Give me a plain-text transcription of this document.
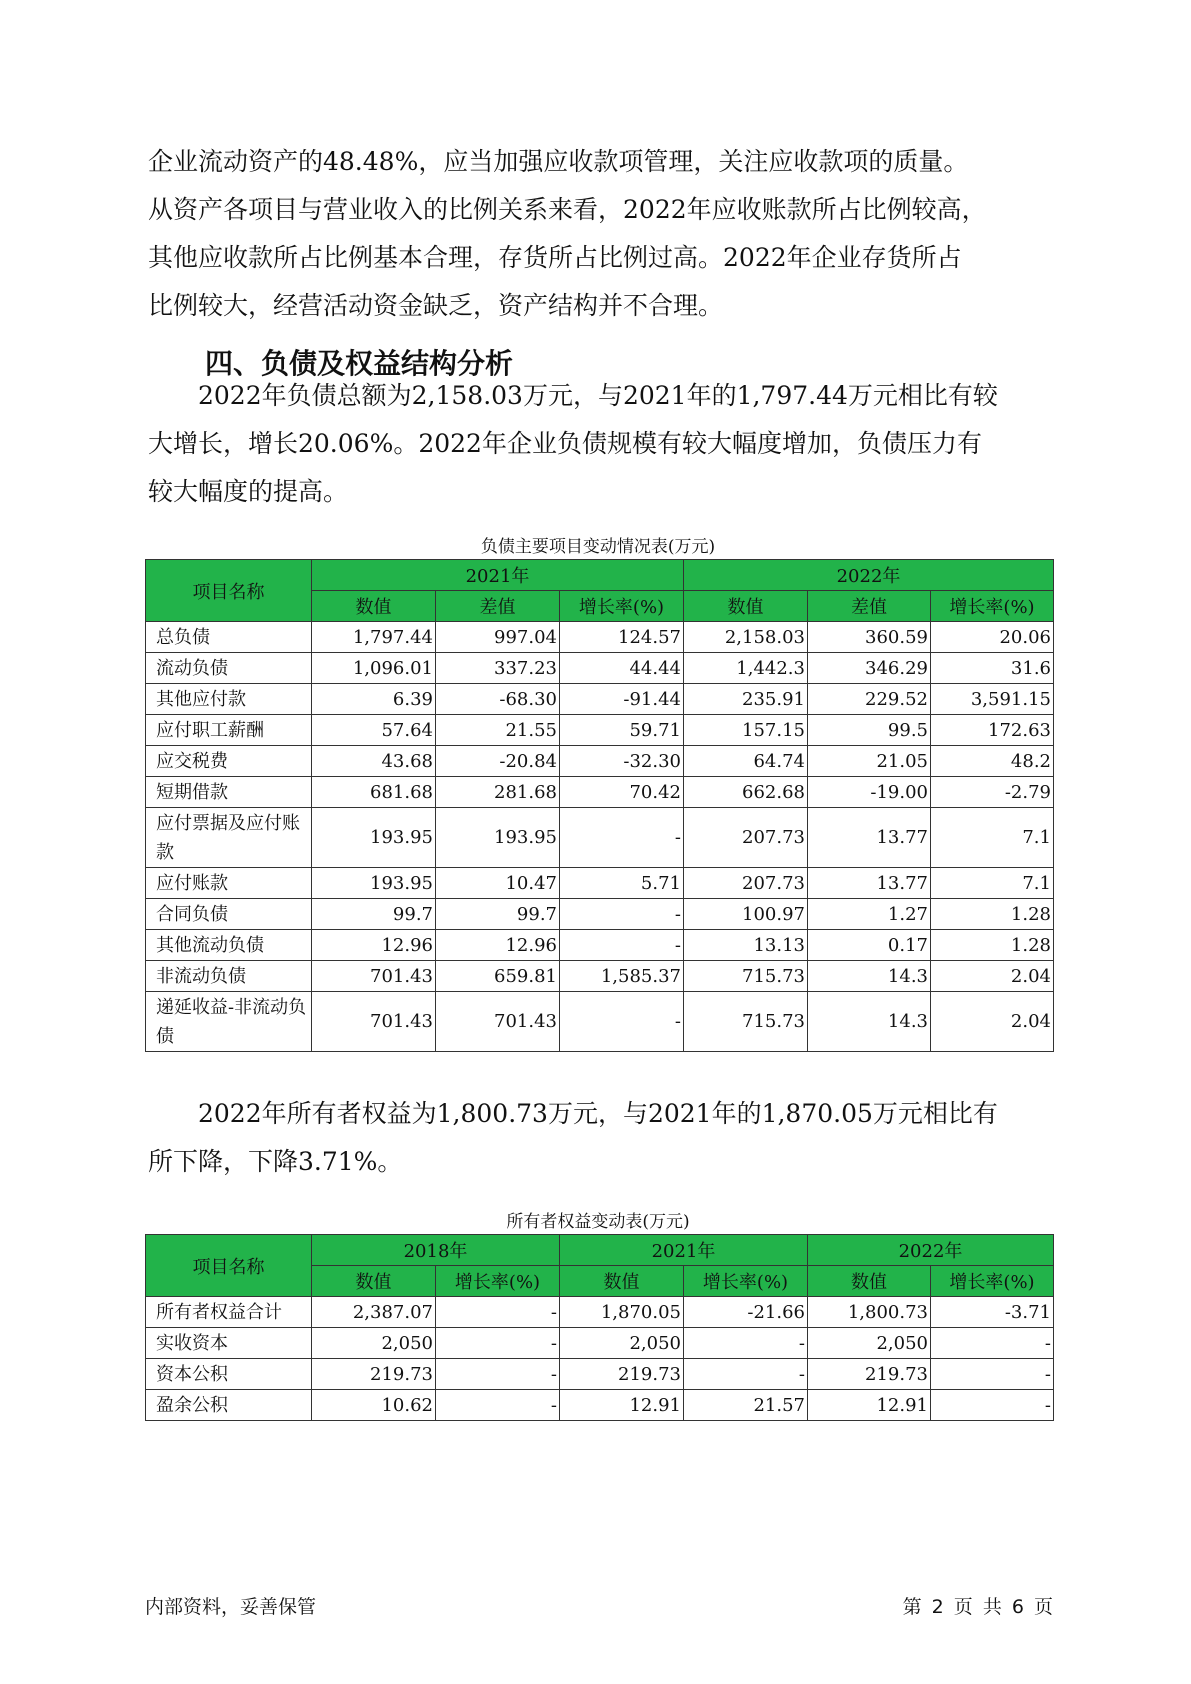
企业流动资产的48.48%，应当加强应收款项管理，关注应收款项的质量。
从资产各项目与营业收入的比例关系来看，2022年应收账款所占比例较高，
其他应收款所占比例基本合理，存货所占比例过高。2022年企业存货所占
比例较大，经营活动资金缺乏，资产结构并不合理。

四、负债及权益结构分析

2022年负债总额为2,158.03万元，与2021年的1,797.44万元相比有较
大增长，增长20.06%。2022年企业负债规模有较大幅度增加，负债压力有
较大幅度的提高。

负债主要项目变动情况表(万元)

项目名称	2021年			2022年		
	数值	差值	增长率(%)	数值	差值	增长率(%)
总负债	1,797.44	997.04	124.57	2,158.03	360.59	20.06
流动负债	1,096.01	337.23	44.44	1,442.3	346.29	31.6
其他应付款	6.39	-68.30	-91.44	235.91	229.52	3,591.15
应付职工薪酬	57.64	21.55	59.71	157.15	99.5	172.63
应交税费	43.68	-20.84	-32.30	64.74	21.05	48.2
短期借款	681.68	281.68	70.42	662.68	-19.00	-2.79
应付票据及应付账款	193.95	193.95	-	207.73	13.77	7.1
应付账款	193.95	10.47	5.71	207.73	13.77	7.1
合同负债	99.7	99.7	-	100.97	1.27	1.28
其他流动负债	12.96	12.96	-	13.13	0.17	1.28
非流动负债	701.43	659.81	1,585.37	715.73	14.3	2.04
递延收益-非流动负债	701.43	701.43	-	715.73	14.3	2.04

2022年所有者权益为1,800.73万元，与2021年的1,870.05万元相比有
所下降，下降3.71%。

所有者权益变动表(万元)

项目名称	2018年		2021年		2022年	
	数值	增长率(%)	数值	增长率(%)	数值	增长率(%)
所有者权益合计	2,387.07	-	1,870.05	-21.66	1,800.73	-3.71
实收资本	2,050	-	2,050	-	2,050	-
资本公积	219.73	-	219.73	-	219.73	-
盈余公积	10.62	-	12.91	21.57	12.91	-
内部资料，妥善保管	第 2 页 共 6 页
